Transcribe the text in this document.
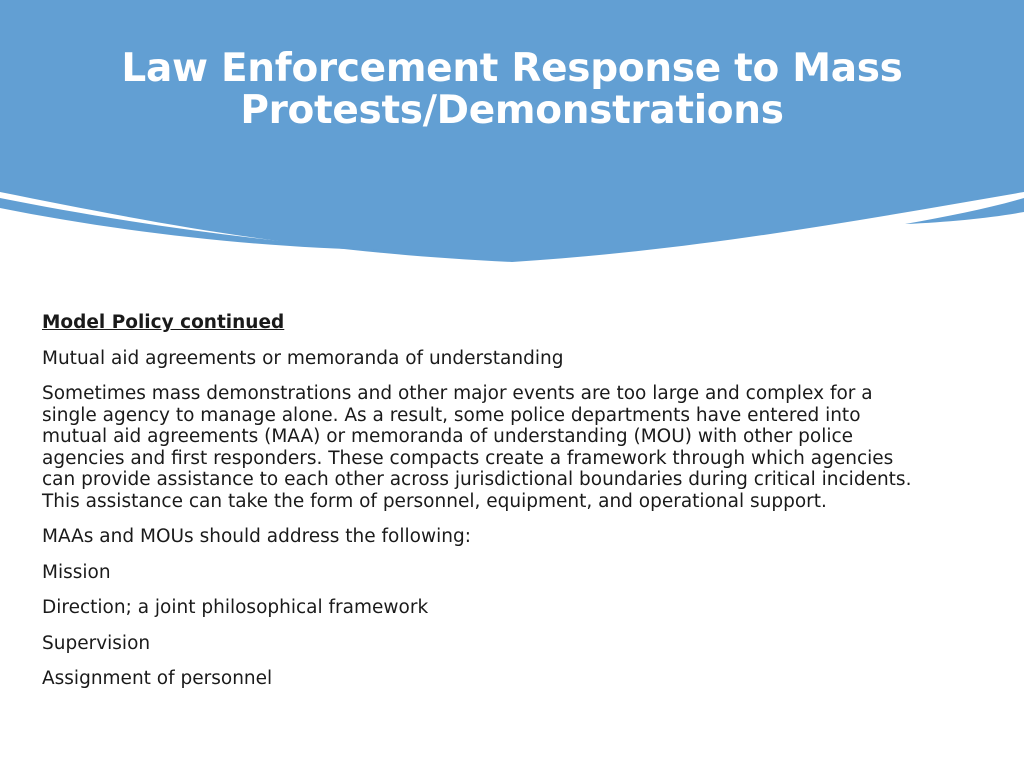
Law Enforcement Response to Mass
Protests/Demonstrations

Model Policy continued

Mutual aid agreements or memoranda of understanding

Sometimes mass demonstrations and other major events are too large and complex for a single agency to manage alone. As a result, some police departments have entered into mutual aid agreements (MAA) or memoranda of understanding (MOU) with other police agencies and first responders. These compacts create a framework through which agencies can provide assistance to each other across jurisdictional boundaries during critical incidents. This assistance can take the form of personnel, equipment, and operational support.

MAAs and MOUs should address the following:

Mission

Direction; a joint philosophical framework

Supervision

Assignment of personnel
